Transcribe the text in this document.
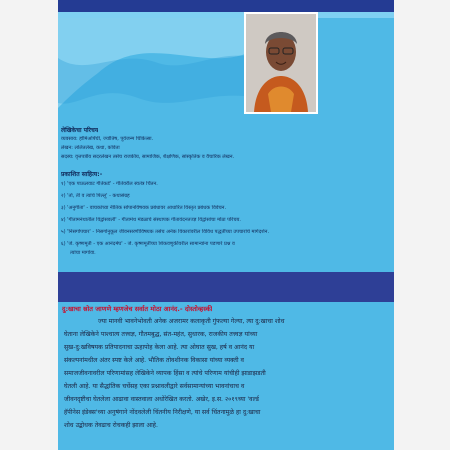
लेखिकेचा परिचय
व्यवसाय: होमिओपॅथी, ज्योतिष, पूर्वजन्म चिकित्सा.
लेखन: ललितलेख, कथा, कविता
सदस्य: वृत्तपत्रीय सदरलेखन तसेच राजकीय, सामाजिक, शैक्षणिक, सांस्कृतिक व वैचारिक लेखन.
प्रकाशित साहित्य:-
१) 'एक पाऊलवाट गीतेकडे' - गीतेवरील स्वतंत्र चिंतन.
२) 'तो, ती व त्यांचे पिल्लू' - कथासंग्रह
३) 'अनुगीता' - वाचकांच्या नीतिक सोपानविषयक प्रबंधावर आधारित विस्तृत प्रबंधक विवेचन.
४) 'गीतामनंथातील विद्वांसवली' - गीतामंथ मंडळाचे संस्थापक गीतावंदनतज्ज्ञ विद्वांसांचा मोठा परिचय.
५) 'निसर्गोपचार' - निसर्गानुकूल जीवनसरणीविषयक तसेच अनेक विकारांवरील विविध पद्धतींच्या उपचारांचे मार्गदर्शन.
६) 'जे. कृष्णमूर्ती - एक आनंदमेघ' - जे. कृष्णमूर्तींच्या शिकवणुकीवरील सामान्यांना पडणारे प्रश्न व
त्यांचा मागोवा.
दु:खाचा स्रोत जाणणे म्हणजेच सर्वात मोठा आनंद.- दोस्तोव्हस्की
ज्या मानवी भावनेभोवती अनेक अजरामर कलाकृती गुंफल्या गेल्या, त्या दु:खाचा शोध
घेताना लेखिकेने पाश्चात्य तत्त्वज्ञ, गौतमबुद्ध, संत-महंत, सुधारक, राजकीय तत्त्वज्ञ यांच्या
सुख-दु:खविषयक प्रतिपादनाचा ऊहापोह केला आहे. त्या ओघात सुख, हर्ष व आनंद या
संकल्पनांमधील अंतर स्पष्ट केले आहे. भौतिक तोवशीनक विकासा यांच्या व्यक्ती व
समाजजीवनावरील परिणामांसह लेखिकेने व्यापक हिंसा व त्यांचे परिणाम यांचीही झाडाझडती
घेतली आहे. या सैद्धांतिक चर्चेसह एका प्रश्नावलीद्वारे सर्वसामान्यांच्या भावनांचाच व
जीवनदृष्टीचा घेतलेला आढावा वास्तवाला अधोरेखित करतो. अखेर, इ.स. २०१९च्या 'वर्ल्ड
हॅपीनेस इंडेक्स'च्या अनुषंगाने नोंदवलेली चिंतनीय निरीक्षणे, या सर्व चिंतनामुळे हा दु:खाचा
शोध उद्बोधक तेवढाच रोचकही झाला आहे.
